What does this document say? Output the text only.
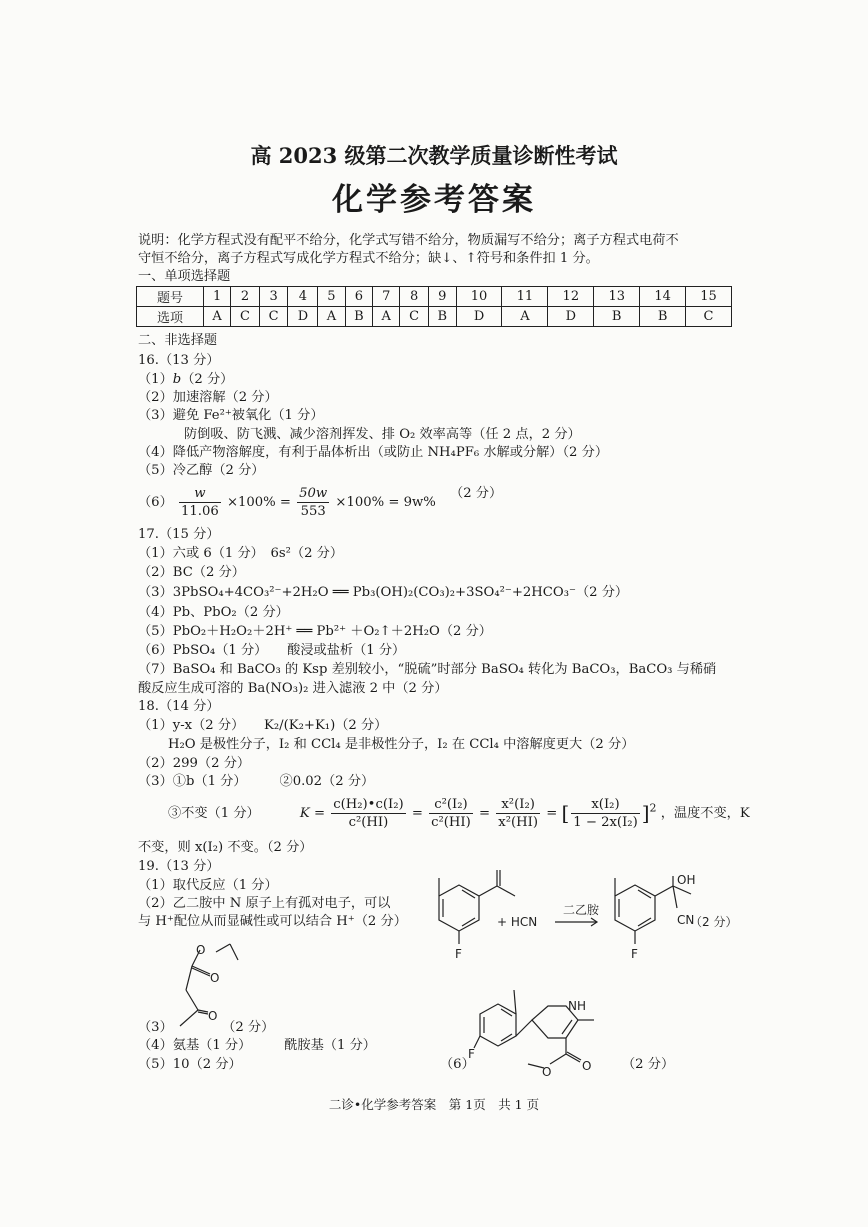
高 2023 级第二次教学质量诊断性考试
化学参考答案
说明：化学方程式没有配平不给分，化学式写错不给分，物质漏写不给分；离子方程式电荷不
守恒不给分，离子方程式写成化学方程式不给分；缺↓、↑符号和条件扣 1 分。
一、单项选择题
题号	1	2	3	4	5	6	7	8	9	10	11	12	13	14	15
选项	A	C	C	D	A	B	A	C	B	D	A	D	B	B	C
二、非选择题
16.（13 分）
（1）b（2 分）
（2）加速溶解（2 分）
（3）避免 Fe²⁺被氧化（1 分）
防倒吸、防飞溅、减少溶剂挥发、排 O₂ 效率高等（任 2 点，2 分）
（4）降低产物溶解度，有利于晶体析出（或防止 NH₄PF₆ 水解或分解）（2 分）
（5）冷乙醇（2 分）
$(6) \frac{w}{11.06} \times 100\% = \frac{50w}{553} \times 100\% = 9w\%$ （2 分）
17.（15 分）
（1）六或 6（1 分）　6s²（2 分）
（2）BC（2 分）
（3）3PbSO₄+4CO₃²⁻+2H₂O ══ Pb₃(OH)₂(CO₃)₂+3SO₄²⁻+2HCO₃⁻（2 分）
（4）Pb、PbO₂（2 分）
（5）PbO₂＋H₂O₂＋2H⁺ ══ Pb²⁺ ＋O₂↑＋2H₂O（2 分）
（6）PbSO₄（1 分）　　酸浸或盐析（1 分）
（7）BaSO₄ 和 BaCO₃ 的 Ksp 差别较小，“脱硫”时部分 BaSO₄ 转化为 BaCO₃，BaCO₃ 与稀硝
酸反应生成可溶的 Ba(NO₃)₂ 进入滤液 2 中（2 分）
18.（14 分）
（1）y-x（2 分）　　K₂/(K₂+K₁)（2 分）
H₂O 是极性分子，I₂ 和 CCl₄ 是非极性分子，I₂ 在 CCl₄ 中溶解度更大（2 分）
（2）299（2 分）
（3）①b（1 分）　　　②0.02（2 分）
③不变（1 分）	$K = \frac{\text{c(H₂)•c(I₂)}}{\text{c²(HI)}} = \frac{\text{c²(I₂)}}{\text{c²(HI)}} = \frac{\text{x²(I₂)}}{\text{x²(HI)}}$ = [ $\frac{\text{x(I₂)}}{\text{1 − 2x(I₂)}} ]^2$ ，温度不变，K
不变，则 x(I₂) 不变。（2 分）
19.（13 分）
（1）取代反应（1 分）
（2）乙二胺中 N 原子上有孤对电子，可以
与 H⁺配位从而显碱性或可以结合 H⁺（2 分）
F
+ HCN
二乙胺
F
OH
CN
（2 分）
O
O
O
（3）	（2 分）
（4）氨基（1 分）　　　酰胺基（1 分）
（5）10（2 分）
NH
F
O
O
（6）	（2 分）
二诊•化学参考答案　第 1页　共 1 页
